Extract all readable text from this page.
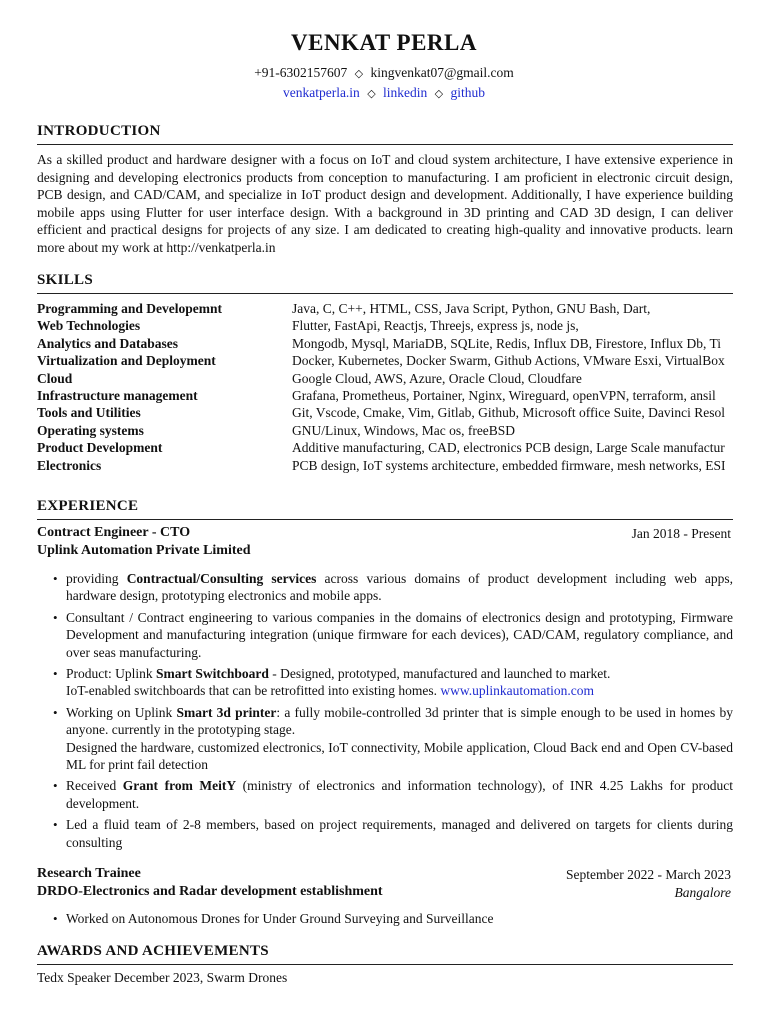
VENKAT PERLA
+91-6302157607 ◇ kingvenkat07@gmail.com
venkatperla.in ◇ linkedin ◇ github
INTRODUCTION
As a skilled product and hardware designer with a focus on IoT and cloud system architecture, I have extensive experience in designing and developing electronics products from conception to manufacturing. I am proficient in electronic circuit design, PCB design, and CAD/CAM, and specialize in IoT product design and development. Additionally, I have experience building mobile apps using Flutter for user interface design. With a background in 3D printing and CAD 3D design, I can deliver efficient and practical designs for projects of any size. I am dedicated to creating high-quality and innovative products. learn more about my work at http://venkatperla.in
SKILLS
Programming and Developemnt	Java, C, C++, HTML, CSS, Java Script, Python, GNU Bash, Dart,
Web Technologies	Flutter, FastApi, Reactjs, Threejs, express js, node js,
Analytics and Databases	Mongodb, Mysql, MariaDB, SQLite, Redis, Influx DB, Firestore, Influx Db, Ti
Virtualization and Deployment	Docker, Kubernetes, Docker Swarm, Github Actions, VMware Esxi, VirtualBox
Cloud	Google Cloud, AWS, Azure, Oracle Cloud, Cloudfare
Infrastructure management	Grafana, Prometheus, Portainer, Nginx, Wireguard, openVPN, terraform, ansil
Tools and Utilities	Git, Vscode, Cmake, Vim, Gitlab, Github, Microsoft office Suite, Davinci Resol
Operating systems	GNU/Linux, Windows, Mac os, freeBSD
Product Development	Additive manufacturing, CAD, electronics PCB design, Large Scale manufactur
Electronics	PCB design, IoT systems architecture, embedded firmware, mesh networks, ESI
EXPERIENCE
Contract Engineer - CTO	Jan 2018 - Present
Uplink Automation Private Limited
• providing Contractual/Consulting services across various domains of product development including web apps, hardware design, prototyping electronics and mobile apps.
• Consultant / Contract engineering to various companies in the domains of electronics design and prototyping, Firmware Development and manufacturing integration (unique firmware for each devices), CAD/CAM, regulatory compliance, and over seas manufacturing.
• Product: Uplink Smart Switchboard - Designed, prototyped, manufactured and launched to market.
IoT-enabled switchboards that can be retrofitted into existing homes. www.uplinkautomation.com
• Working on Uplink Smart 3d printer: a fully mobile-controlled 3d printer that is simple enough to be used in homes by anyone. currently in the prototyping stage.
Designed the hardware, customized electronics, IoT connectivity, Mobile application, Cloud Back end and Open CV-based ML for print fail detection
• Received Grant from MeitY (ministry of electronics and information technology), of INR 4.25 Lakhs for product development.
• Led a fluid team of 2-8 members, based on project requirements, managed and delivered on targets for clients during consulting
Research Trainee	September 2022 - March 2023
DRDO-Electronics and Radar development establishment	Bangalore
• Worked on Autonomous Drones for Under Ground Surveying and Surveillance
AWARDS AND ACHIEVEMENTS
Tedx Speaker December 2023, Swarm Drones
